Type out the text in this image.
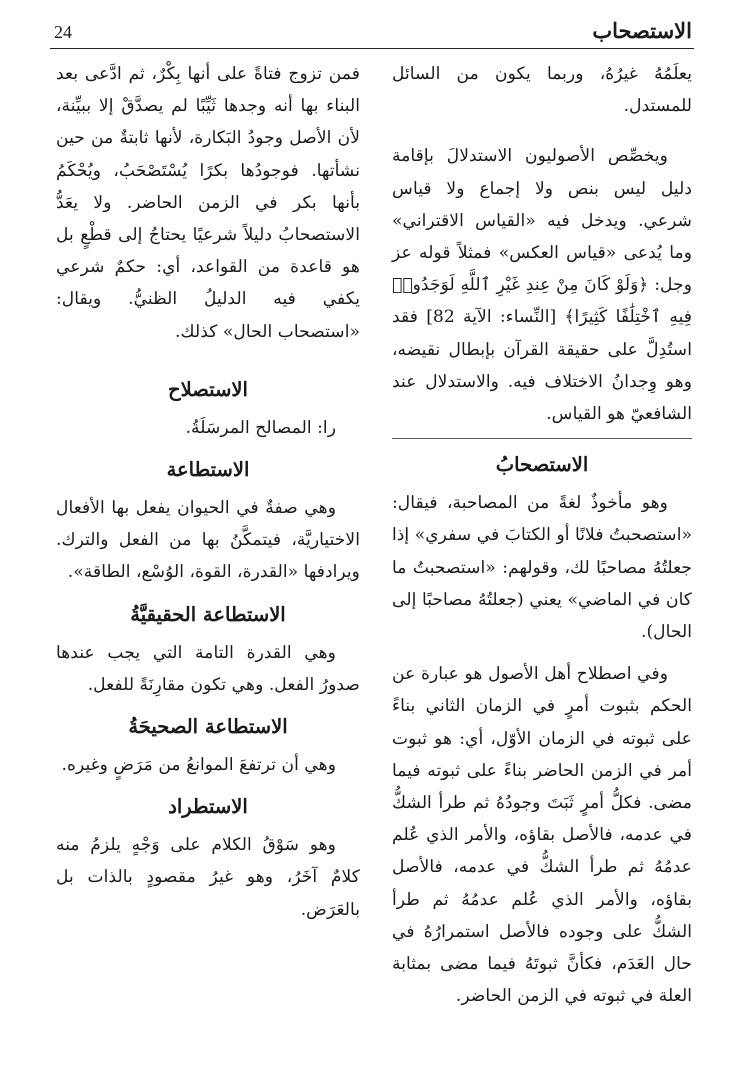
24	الاستصحاب

يعلَمُهُ غيرُهُ، وربما يكون من السائل للمستدل.

ويخصِّص الأصوليون الاستدلالَ بإقامة دليل ليس بنص ولا إجماع ولا قياس شرعي. ويدخل فيه «القياس الاقتراني» وما يُدعى «قياس العكس» فمثلاً قوله عز وجل: ﴿وَلَوْ كَانَ مِنْ عِندِ غَيْرِ ٱللَّهِ لَوَجَدُوا۟ فِيهِ ٱخْتِلَٰفًا كَثِيرًا﴾ [النِّساء: الآية 82] فقد استُدِلَّ على حقيقة القرآن بإبطال نقيضه، وهو وِجدانُ الاختلاف فيه. والاستدلال عند الشافعيّ هو القياس.

الاستصحابُ

وهو مأخوذٌ لغةً من المصاحبة، فيقال: «استصحبتُ فلانًا أو الكتابَ في سفري» إذا جعلتُهُ مصاحبًا لك، وقولهم: «استصحبتُ ما كان في الماضي» يعني (جعلتُهُ مصاحبًا إلى الحال).

وفي اصطلاح أهل الأصول هو عبارة عن الحكم بثبوت أمرٍ في الزمان الثاني بناءً على ثبوته في الزمان الأوّل، أي: هو ثبوت أمر في الزمن الحاضر بناءً على ثبوته فيما مضى. فكلُّ أمرٍ ثَبَتَ وجودُهُ ثم طرأ الشكُّ في عدمه، فالأصل بقاؤه، والأمر الذي عُلم عدمُهُ ثم طرأ الشكُّ في عدمه، فالأصل بقاؤه، والأمر الذي عُلم عدمُهُ ثم طرأ الشكُّ على وجوده فالأصل استمرارُهُ في حال العَدَم، فكأنَّ ثبوتَهُ فيما مضى بمثابة العلة في ثبوته في الزمن الحاضر.

فمن تزوج فتاةً على أنها بِكْرٌ، ثم ادَّعى بعد البناء بها أنه وجدها ثَيِّبًا لم يصدَّقْ إلا ببيِّنة، لأن الأصل وجودُ البَكارة، لأنها ثابتةٌ من حين نشأتها. فوجودُها بكرًا يُسْتَصْحَبُ، ويُحْكَمُ بأنها بكر في الزمن الحاضر. ولا يعَدُّ الاستصحابُ دليلاً شرعيًا يحتاجُ إلى قطْعٍ بل هو قاعدة من القواعد، أي: حكمٌ شرعي يكفي فيه الدليلُ الظنيُّ. ويقال: «استصحاب الحال» كذلك.

الاستصلاح

را: المصالح المرسَلَةُ.

الاستطاعة

وهي صفةٌ في الحيوان يفعل بها الأفعال الاختياريَّة، فيتمكَّنُ بها من الفعل والترك. ويرادفها «القدرة، القوة، الوُسْع، الطاقة».

الاستطاعة الحقيقيَّةُ

وهي القدرة التامة التي يجب عندها صدورُ الفعل. وهي تكون مقارِنَةً للفعل.

الاستطاعة الصحيحَةُ

وهي أن ترتفعَ الموانعُ من مَرَضٍ وغيره.

الاستطراد

وهو سَوْقُ الكلام على وَجْهٍ يلزمُ منه كلامٌ آخَرُ، وهو غيرُ مقصودٍ بالذات بل بالعَرَض.
